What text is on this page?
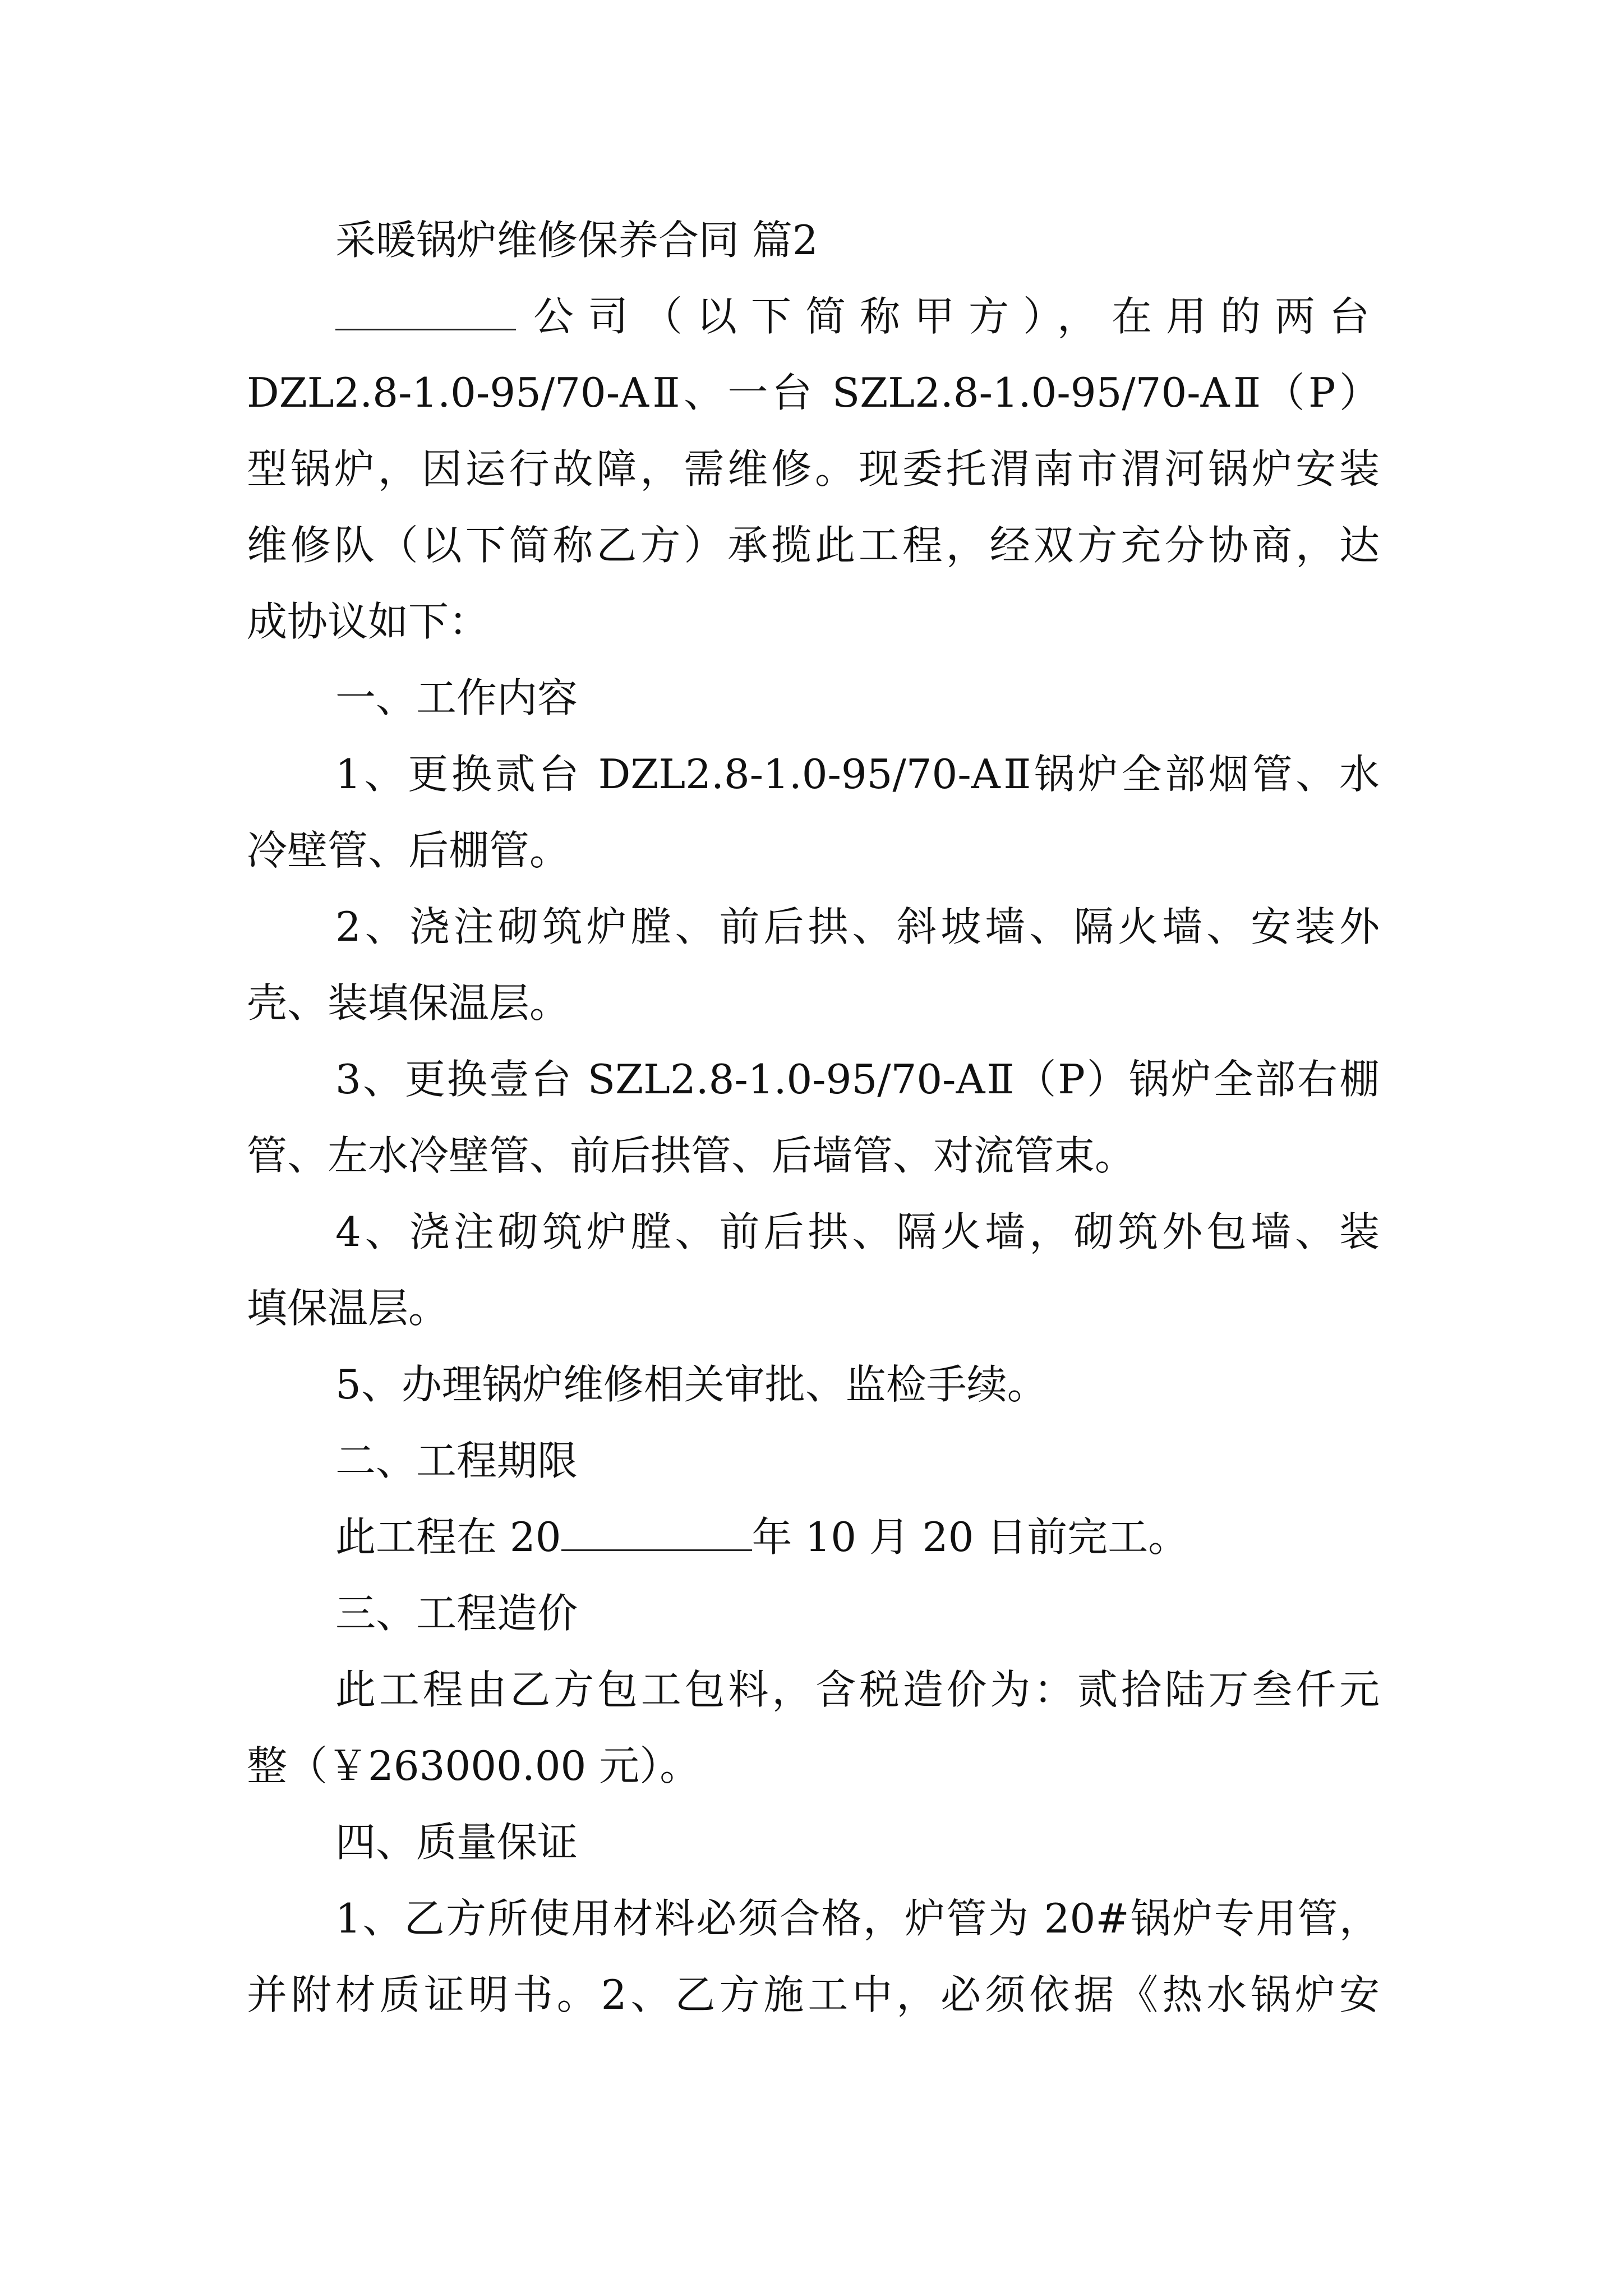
采暖锅炉维修保养合同 篇2
公司（以下简称甲方），在用的两台
DZL2.8-1.0-95/70-AⅡ、一台 SZL2.8-1.0-95/70-AⅡ（P）
型锅炉，因运行故障，需维修。现委托渭南市渭河锅炉安装
维修队（以下简称乙方）承揽此工程，经双方充分协商，达
成协议如下：
一、工作内容
1、更换贰台 DZL2.8-1.0-95/70-AⅡ锅炉全部烟管、水
冷壁管、后棚管。
2、浇注砌筑炉膛、前后拱、斜坡墙、隔火墙、安装外
壳、装填保温层。
3、更换壹台 SZL2.8-1.0-95/70-AⅡ（P）锅炉全部右棚
管、左水冷壁管、前后拱管、后墙管、对流管束。
4、浇注砌筑炉膛、前后拱、隔火墙，砌筑外包墙、装
填保温层。
5、办理锅炉维修相关审批、监检手续。
二、工程期限
此工程在 20	年 10 月 20 日前完工。
三、工程造价
此工程由乙方包工包料，含税造价为：贰拾陆万叁仟元
整（￥263000.00 元）。
四、质量保证
1、乙方所使用材料必须合格，炉管为 20#锅炉专用管，
并附材质证明书。2、乙方施工中，必须依据《热水锅炉安
